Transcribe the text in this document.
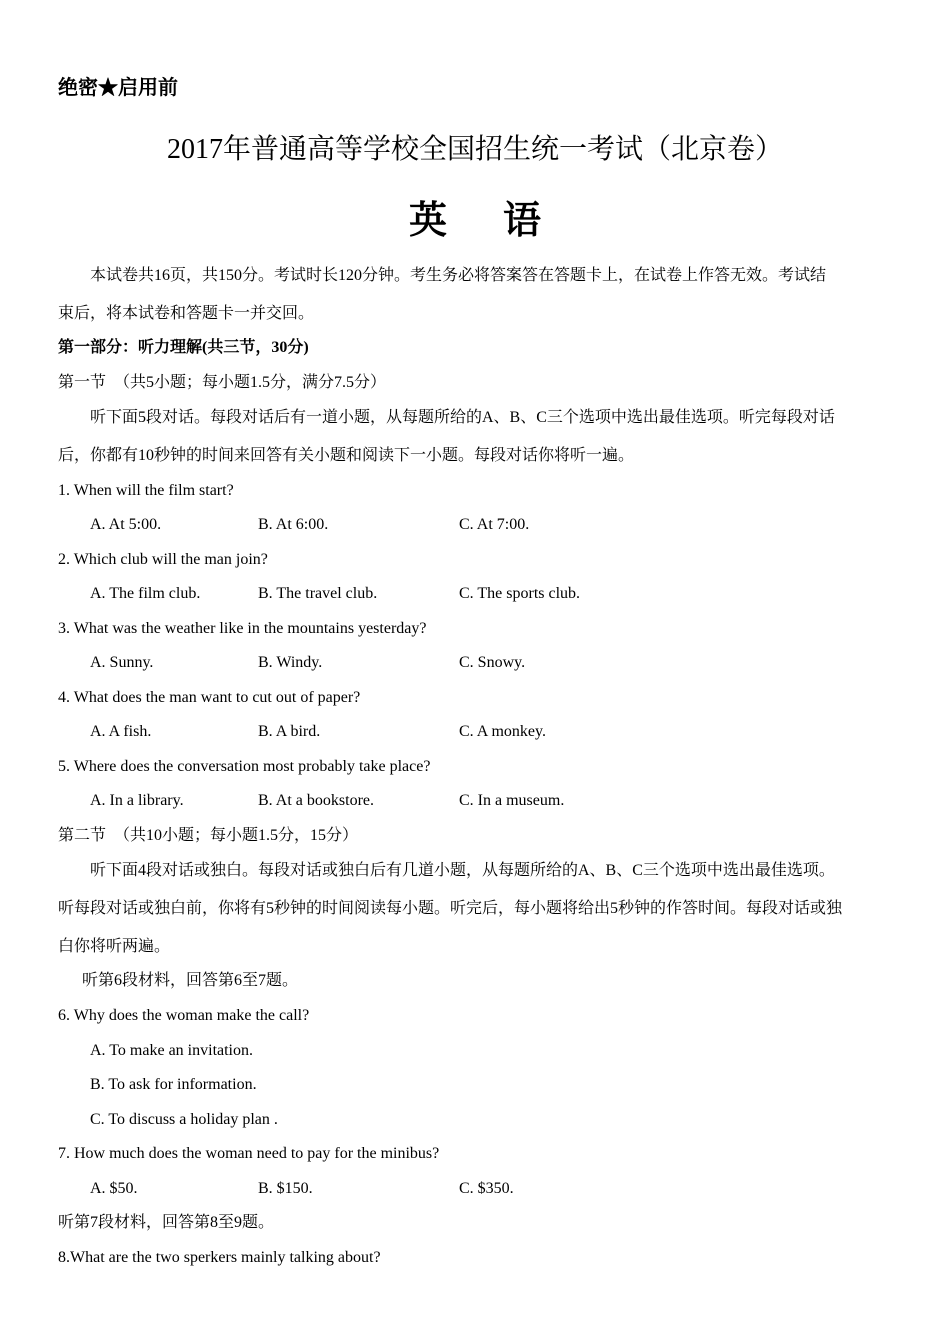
绝密★启用前
2017年普通高等学校全国招生统一考试（北京卷）
英语
本试卷共16页，共150分。考试时长120分钟。考生务必将答案答在答题卡上，在试卷上作答无效。考试结
束后，将本试卷和答题卡一并交回。
第一部分：听力理解(共三节，30分)
第一节　（共5小题；每小题1.5分，满分7.5分）
听下面5段对话。每段对话后有一道小题，从每题所给的A、B、C三个选项中选出最佳选项。听完每段对话
后，你都有10秒钟的时间来回答有关小题和阅读下一小题。每段对话你将听一遍。
1. When will the film start?
A. At 5:00.	B. At 6:00.	C. At 7:00.
2. Which club will the man join?
A. The film club.	B. The travel club.	C. The sports club.
3. What was the weather like in the mountains yesterday?
A. Sunny.	B. Windy.	C. Snowy.
4. What does the man want to cut out of paper?
A. A fish.	B. A bird.	C. A monkey.
5. Where does the conversation most probably take place?
A. In a library.	B. At a bookstore.	C. In a museum.
第二节　（共10小题；每小题1.5分，15分）
听下面4段对话或独白。每段对话或独白后有几道小题，从每题所给的A、B、C三个选项中选出最佳选项。
听每段对话或独白前，你将有5秒钟的时间阅读每小题。听完后，每小题将给出5秒钟的作答时间。每段对话或独
白你将听两遍。
听第6段材料，回答第6至7题。
6. Why does the woman make the call?
A. To make an invitation.
B. To ask for information.
C. To discuss a holiday plan .
7. How much does the woman need to pay for the minibus?
A. $50.	B. $150.	C. $350.
听第7段材料，回答第8至9题。
8.What are the two sperkers mainly talking about?
